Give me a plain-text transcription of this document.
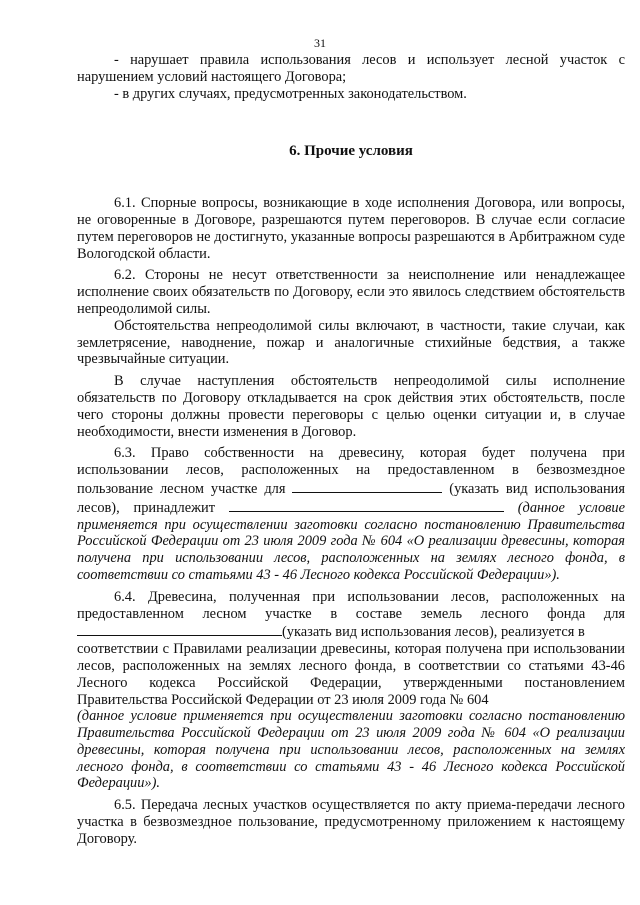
31

- нарушает правила использования лесов и использует лесной участок с нарушением условий настоящего Договора;

- в других случаях, предусмотренных законодательством.

6. Прочие условия

6.1. Спорные вопросы, возникающие в ходе исполнения Договора, или вопросы, не оговоренные в Договоре, разрешаются путем переговоров. В случае если согласие путем переговоров не достигнуто, указанные вопросы разрешаются в Арбитражном суде Вологодской области.

6.2. Стороны не несут ответственности за неисполнение или ненадлежащее исполнение своих обязательств по Договору, если это явилось следствием обстоятельств непреодолимой силы.

Обстоятельства непреодолимой силы включают, в частности, такие случаи, как землетрясение, наводнение, пожар и аналогичные стихийные бедствия, а также чрезвычайные ситуации.

В случае наступления обстоятельств непреодолимой силы исполнение обязательств по Договору откладывается на срок действия этих обстоятельств, после чего стороны должны провести переговоры с целью оценки ситуации и, в случае необходимости, внести изменения в Договор.

6.3. Право собственности на древесину, которая будет получена при

использовании лесов, расположенных на предоставленном в безвозмездное

пользование лесном участке для	(указать вид использования

лесов), принадлежит	(данное условие

применяется при осуществлении заготовки согласно постановлению Правительства Российской Федерации от 23 июля 2009 года № 604 «О реализации древесины, которая получена при использовании лесов, расположенных на землях лесного фонда, в соответствии со статьями 43 - 46 Лесного кодекса Российской Федерации»).

6.4. Древесина, полученная при использовании лесов, расположенных на

предоставленном лесном участке в составе земель лесного фонда для

(указать вид использования лесов), реализуется в

соответствии с Правилами реализации древесины, которая получена при использовании лесов, расположенных на землях лесного фонда, в соответствии со статьями 43-46 Лесного кодекса Российской Федерации, утвержденными постановлением Правительства Российской Федерации от 23 июля 2009 года № 604

(данное условие применяется при осуществлении заготовки согласно постановлению Правительства Российской Федерации от 23 июля 2009 года № 604 «О реализации древесины, которая получена при использовании лесов, расположенных на землях лесного фонда, в соответствии со статьями 43 - 46 Лесного кодекса Российской Федерации»).

6.5. Передача лесных участков осуществляется по акту приема-передачи лесного участка в безвозмездное пользование, предусмотренному приложением к настоящему Договору.
